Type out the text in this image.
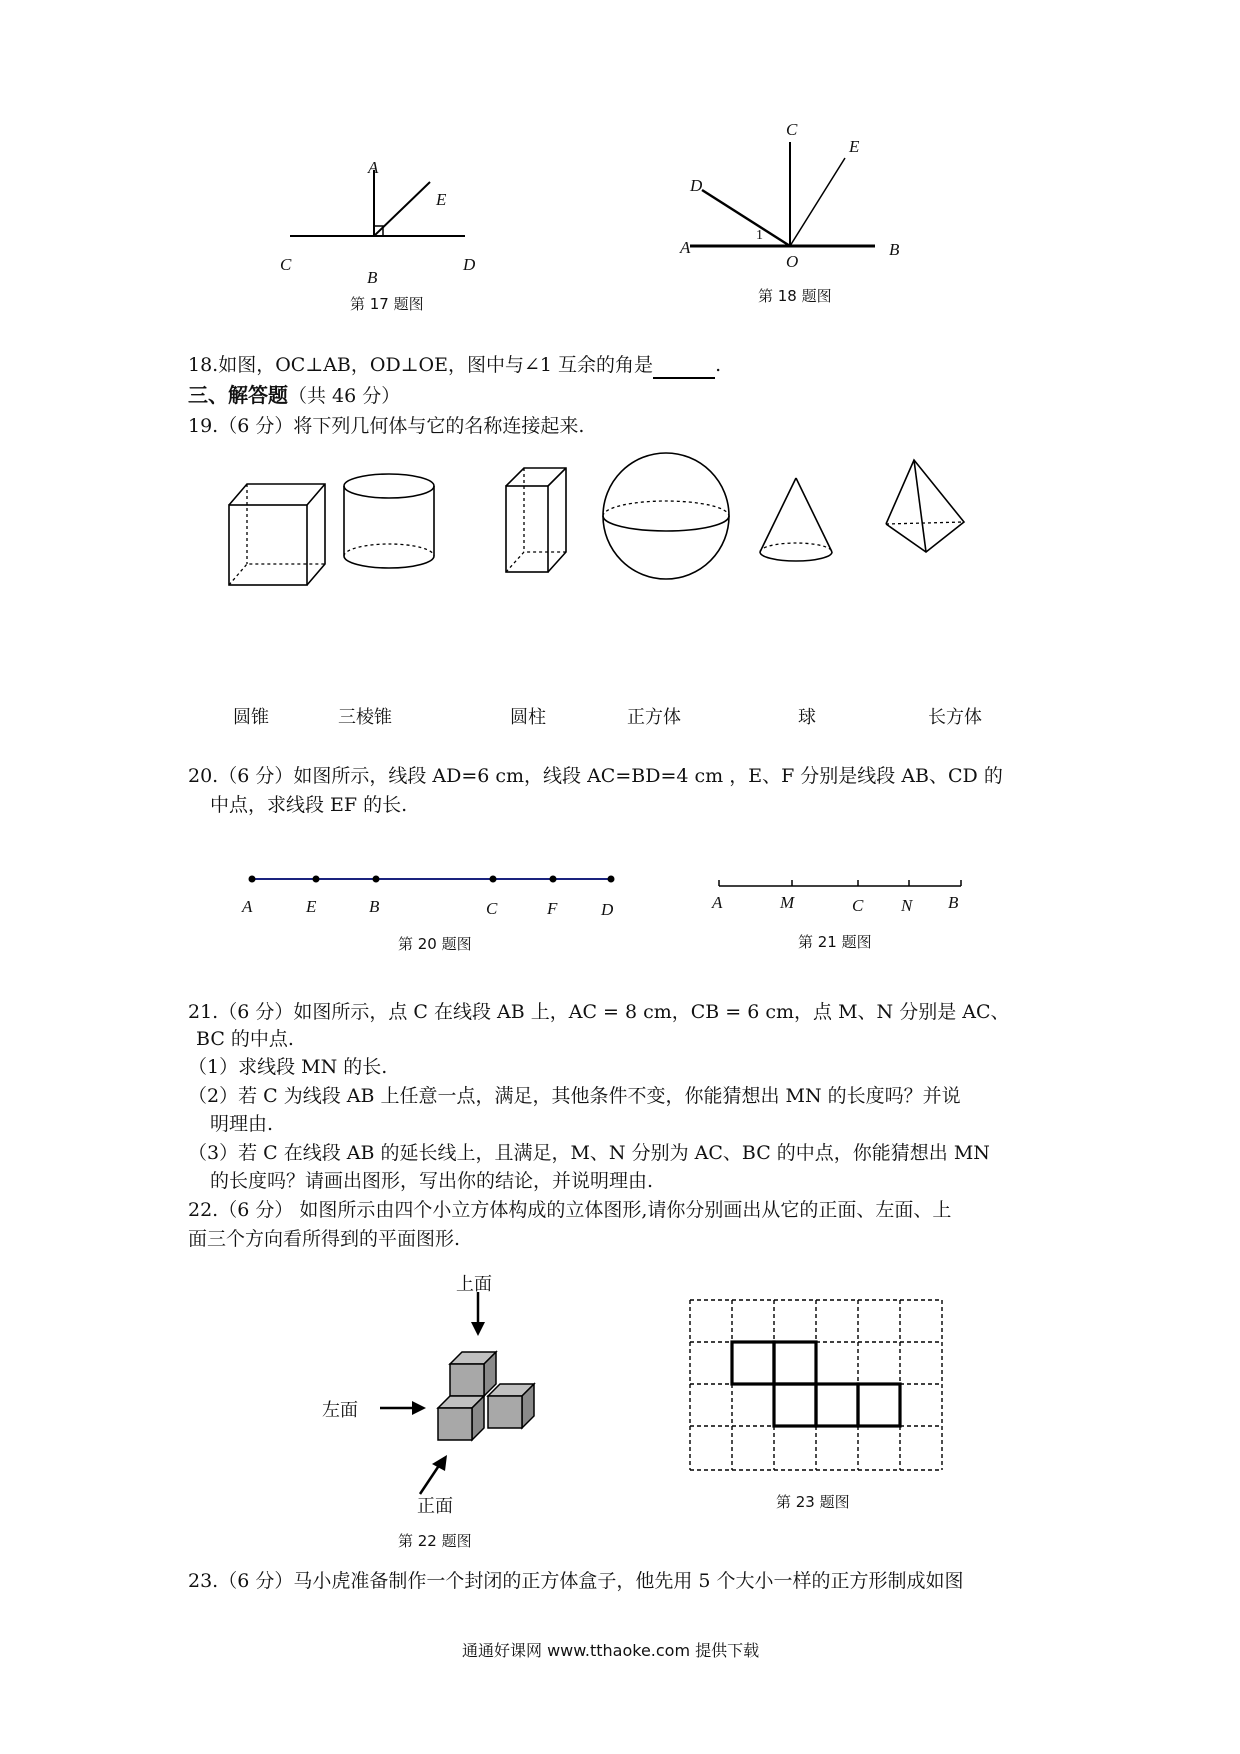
A
E
C
B
D
第 17 题图
C
E
D
1
A
O
B
第 18 题图
18.如图，OC⊥AB，OD⊥OE，图中与∠1 互余的角是	.
三、解答题（共 46 分）
19.（6 分）将下列几何体与它的名称连接起来.
圆锥	三棱锥	圆柱	正方体	球	长方体
20.（6 分）如图所示，线段 AD=6 cm，线段 AC=BD=4 cm ，E、F 分别是线段 AB、CD 的
中点，求线段 EF 的长.
A	E	B	C	F	D
第 20 题图
A	M	C N B
第 21 题图
21.（6 分）如图所示，点 C 在线段 AB 上，AC = 8 cm，CB = 6 cm，点 M、N 分别是 AC、
BC 的中点.
（1）求线段 MN 的长.
（2）若 C 为线段 AB 上任意一点，满足，其他条件不变，你能猜想出 MN 的长度吗？并说
明理由.
（3）若 C 在线段 AB 的延长线上，且满足，M、N 分别为 AC、BC 的中点，你能猜想出 MN
的长度吗？请画出图形，写出你的结论，并说明理由.
22.（6 分） 如图所示由四个小立方体构成的立体图形,请你分别画出从它的正面、左面、上
面三个方向看所得到的平面图形.
上面
左面
正面
第 22 题图
第 23 题图
23.（6 分）马小虎准备制作一个封闭的正方体盒子，他先用 5 个大小一样的正方形制成如图
通通好课网 www.tthaoke.com 提供下载
